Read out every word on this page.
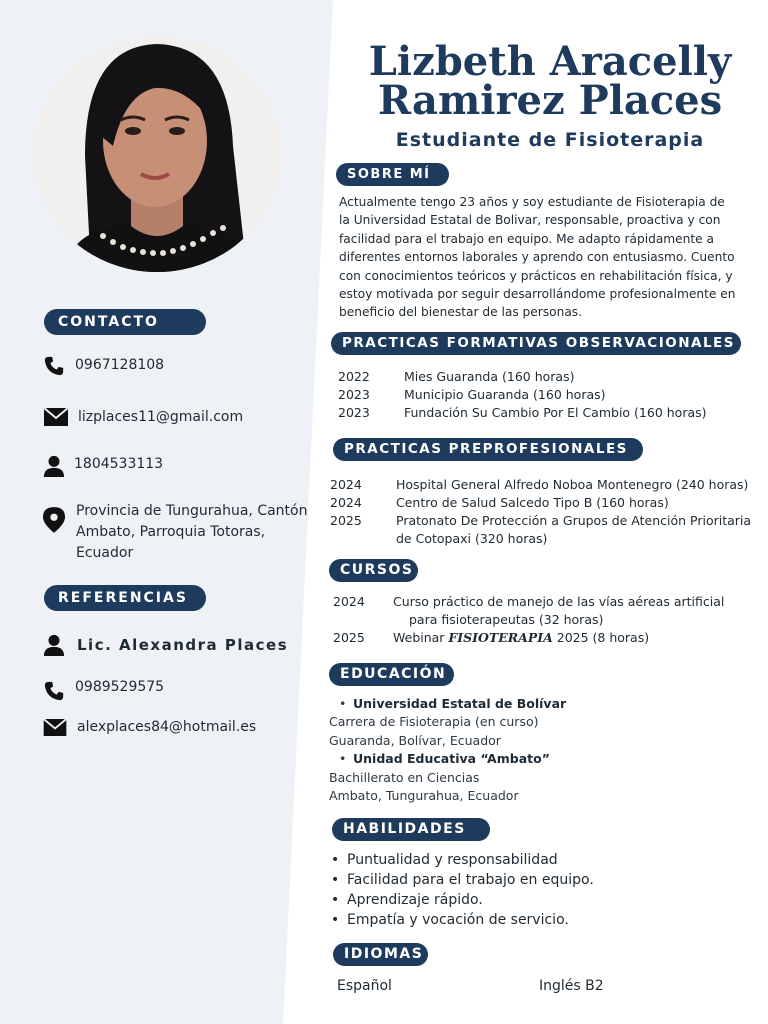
CONTACTO
0967128108
lizplaces11@gmail.com
1804533113
Provincia de Tungurahua, Cantón
Ambato, Parroquia Totoras,
Ecuador
REFERENCIAS
Lic. Alexandra Places
0989529575
alexplaces84@hotmail.es
Lizbeth Aracelly
Ramirez Places
Estudiante de Fisioterapia
SOBRE MÍ
Actualmente tengo 23 años y soy estudiante de Fisioterapia de la Universidad Estatal de Bolivar, responsable, proactiva y con facilidad para el trabajo en equipo. Me adapto rápidamente a diferentes entornos laborales y aprendo con entusiasmo. Cuento con conocimientos teóricos y prácticos en rehabilitación física, y estoy motivada por seguir desarrollándome profesionalmente en beneficio del bienestar de las personas.
PRACTICAS FORMATIVAS OBSERVACIONALES
2022	Mies Guaranda (160 horas)
2023	Municipio Guaranda (160 horas)
2023	Fundación Su Cambio Por El Cambio (160 horas)
PRACTICAS PREPROFESIONALES
2024	Hospital General Alfredo Noboa Montenegro (240 horas)
2024	Centro de Salud Salcedo Tipo B (160 horas)
2025	Pratonato De Protección a Grupos de Atención Prioritaria
de Cotopaxi (320 horas)
CURSOS
2024 Curso práctico de manejo de las vías aéreas artificial
para fisioterapeutas (32 horas)
2025 Webinar FISIOTERAPIA 2025 (8 horas)
EDUCACIÓN
• Universidad Estatal de Bolívar
Carrera de Fisioterapia (en curso)
Guaranda, Bolívar, Ecuador
• Unidad Educativa “Ambato”
Bachillerato en Ciencias
Ambato, Tungurahua, Ecuador
HABILIDADES
• Puntualidad y responsabilidad
• Facilidad para el trabajo en equipo.
• Aprendizaje rápido.
• Empatía y vocación de servicio.
IDIOMAS
Español	Inglés B2
